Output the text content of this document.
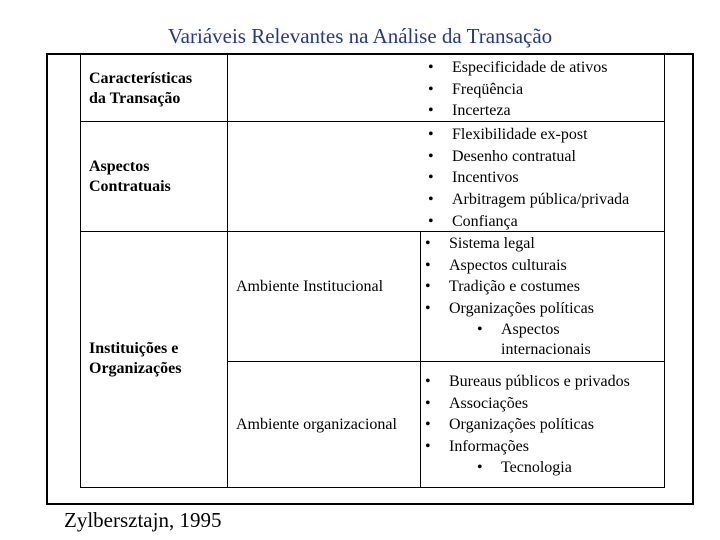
Variáveis Relevantes na Análise da Transação
Características
da Transação
• Especificidade de ativos
• Freqüência
• Incerteza
Aspectos
Contratuais
• Flexibilidade ex-post
• Desenho contratual
• Incentivos
• Arbitragem pública/privada
• Confiança
Instituições e
Organizações
Ambiente Institucional
• Sistema legal
• Aspectos culturais
• Tradição e costumes
• Organizações políticas
• Aspectos
internacionais
Ambiente organizacional
• Bureaus públicos e privados
• Associações
• Organizações políticas
• Informações
• Tecnologia
Zylbersztajn, 1995
